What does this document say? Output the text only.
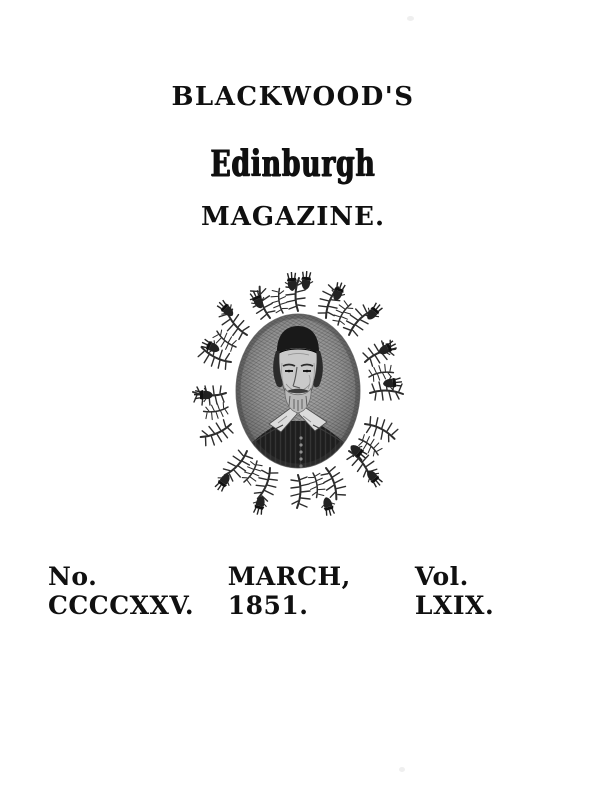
BLACKWOOD'S
Edinburgh
MAGAZINE.
No. CCCCXXV.
MARCH, 1851.
Vol. LXIX.
